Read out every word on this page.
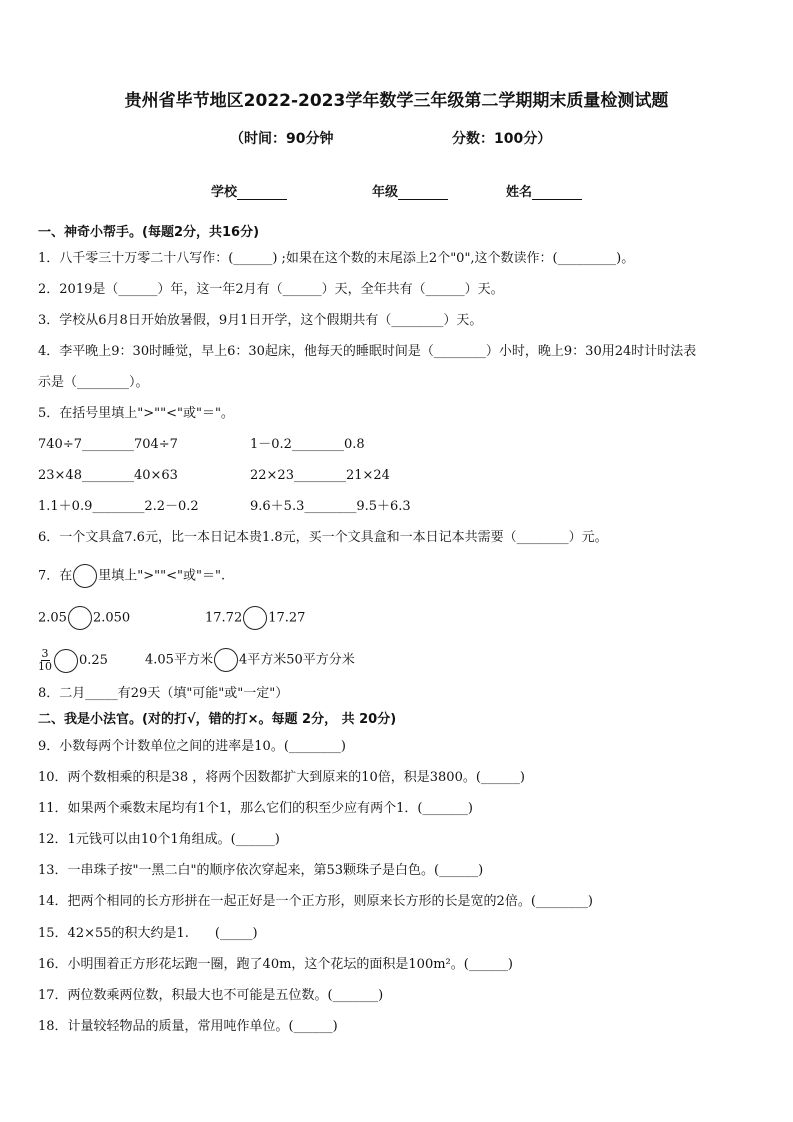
贵州省毕节地区2022-2023学年数学三年级第二学期期末质量检测试题
（时间：90分钟	分数：100分）
学校	年级	姓名
一、神奇小帮手。(每题2分，共16分)
1．八千零三十万零二十八写作：(______) ;如果在这个数的末尾添上2个"0",这个数读作：(_________)。
2．2019是（______）年，这一年2月有（______）天，全年共有（______）天。
3．学校从6月8日开始放暑假，9月1日开学，这个假期共有（________）天。
4．李平晚上9：30时睡觉，早上6：30起床，他每天的睡眠时间是（________）小时，晚上9：30用24时计时法表
示是（________）。
5．在括号里填上">""<"或"＝"。
740÷7________704÷7	1－0.2________0.8
23×48________40×63	22×23________21×24
1.1＋0.9________2.2－0.2	9.6＋5.3________9.5＋6.3
6．一个文具盒7.6元，比一本日记本贵1.8元，买一个文具盒和一本日记本共需要（________）元。
7．在 里填上">""<"或"＝".
2.05 2.050	17.72 17.27
$\frac{3}{10} 0.25$	4.05平方米 4平方米50平方分米
8．二月_____有29天（填"可能"或"一定"）
二、我是小法官。(对的打√，错的打×。每题 2分， 共 20分)
9．小数每两个计数单位之间的进率是10。(________)
10．两个数相乘的积是38 ，将两个因数都扩大到原来的10倍，积是3800。(______)
11．如果两个乘数末尾均有1个1，那么它们的积至少应有两个1．(_______)
12．1元钱可以由10个1角组成。(______)
13．一串珠子按"一黑二白"的顺序依次穿起来，第53颗珠子是白色。(______)
14．把两个相同的长方形拼在一起正好是一个正方形，则原来长方形的长是宽的2倍。(________)
15．42×55的积大约是1.　　(_____)
16．小明围着正方形花坛跑一圈，跑了40m，这个花坛的面积是100m²。(______)
17．两位数乘两位数，积最大也不可能是五位数。(_______)
18．计量较轻物品的质量，常用吨作单位。(______)
